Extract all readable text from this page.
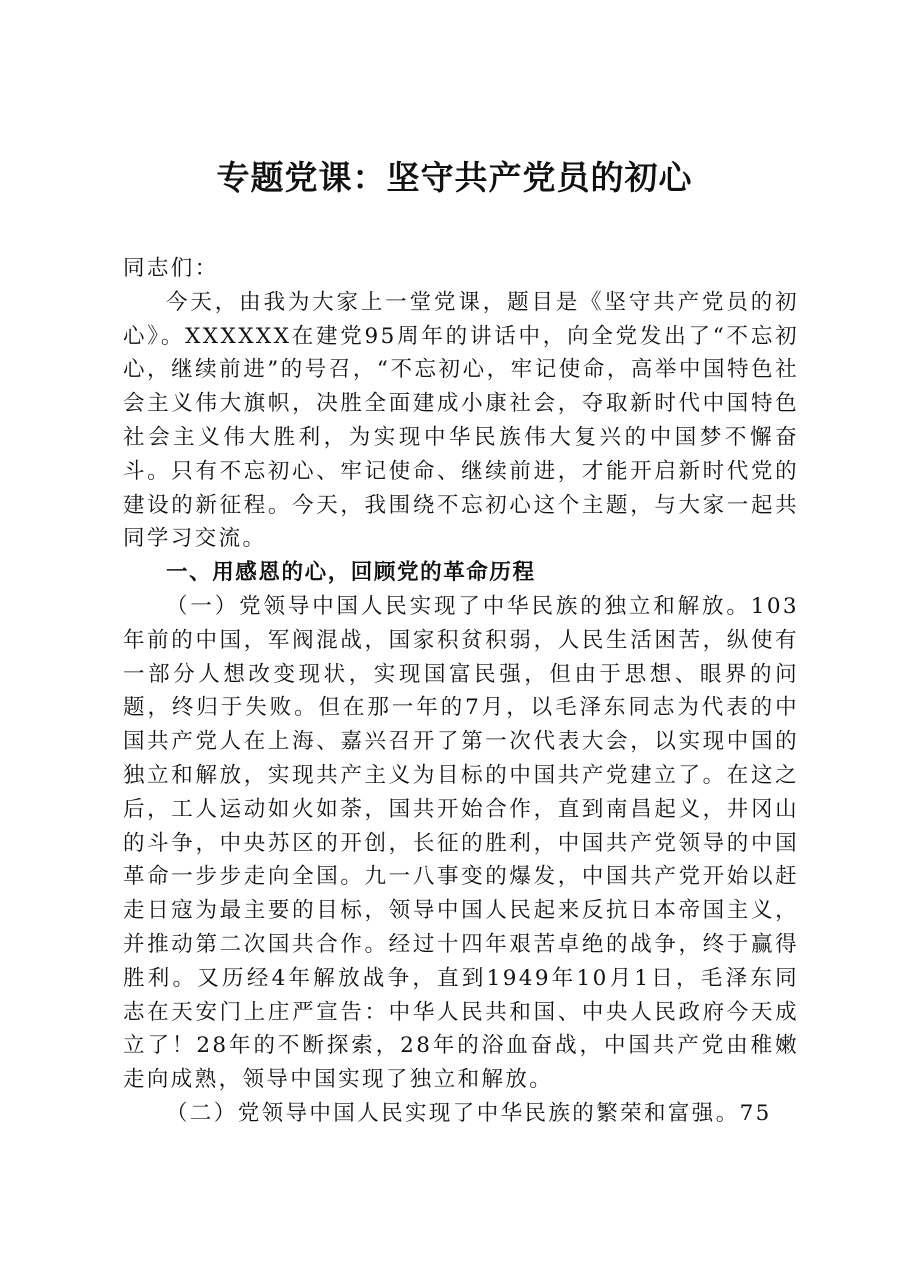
专题党课：坚守共产党员的初心

同志们：

今天，由我为大家上一堂党课，题目是《坚守共产党员的初心》。XXXXXX在建党95周年的讲话中，向全党发出了“不忘初心，继续前进”的号召，“不忘初心，牢记使命，高举中国特色社会主义伟大旗帜，决胜全面建成小康社会，夺取新时代中国特色社会主义伟大胜利，为实现中华民族伟大复兴的中国梦不懈奋斗。只有不忘初心、牢记使命、继续前进，才能开启新时代党的建设的新征程。今天，我围绕不忘初心这个主题，与大家一起共同学习交流。

一、用感恩的心，回顾党的革命历程

（一）党领导中国人民实现了中华民族的独立和解放。103年前的中国，军阀混战，国家积贫积弱，人民生活困苦，纵使有一部分人想改变现状，实现国富民强，但由于思想、眼界的问题，终归于失败。但在那一年的7月，以毛泽东同志为代表的中国共产党人在上海、嘉兴召开了第一次代表大会，以实现中国的独立和解放，实现共产主义为目标的中国共产党建立了。在这之后，工人运动如火如荼，国共开始合作，直到南昌起义，井冈山的斗争，中央苏区的开创，长征的胜利，中国共产党领导的中国革命一步步走向全国。九一八事变的爆发，中国共产党开始以赶走日寇为最主要的目标，领导中国人民起来反抗日本帝国主义，并推动第二次国共合作。经过十四年艰苦卓绝的战争，终于赢得胜利。又历经4年解放战争，直到1949年10月1日，毛泽东同志在天安门上庄严宣告：中华人民共和国、中央人民政府今天成立了！28年的不断探索，28年的浴血奋战，中国共产党由稚嫩走向成熟，领导中国实现了独立和解放。

（二）党领导中国人民实现了中华民族的繁荣和富强。75
